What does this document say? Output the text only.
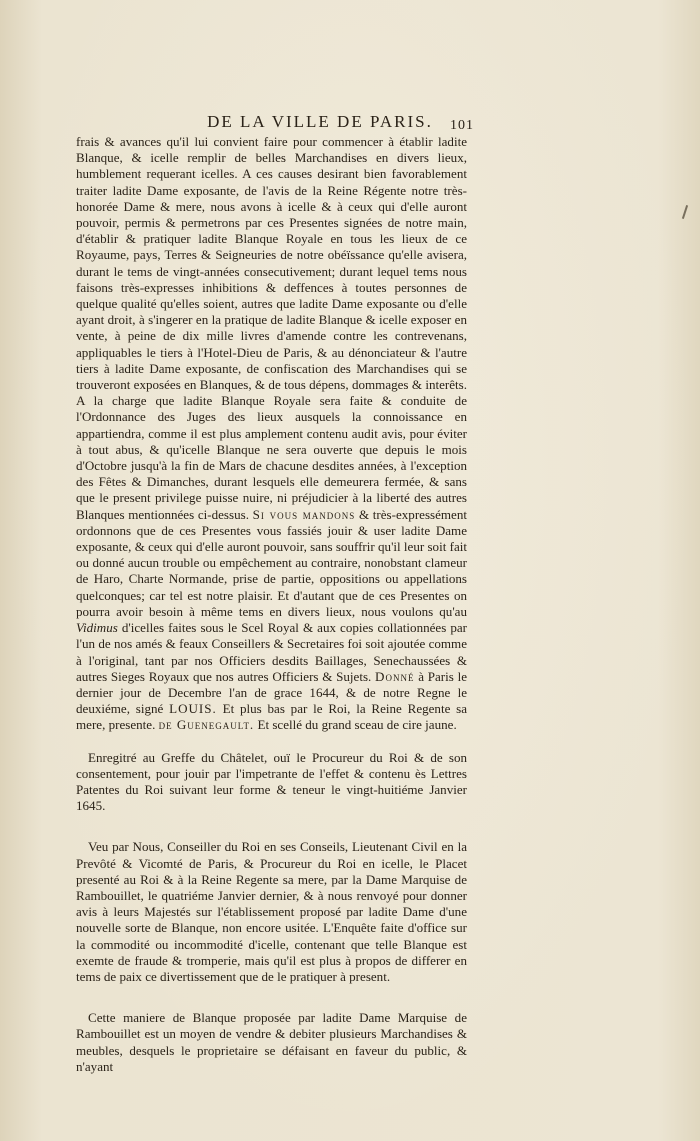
DE LA VILLE DE PARIS.	101

frais & avances qu'il lui convient faire pour commencer à établir ladite Blanque, & icelle remplir de belles Marchandises en divers lieux, humblement requerant icelles. A ces causes desirant bien favorablement traiter ladite Dame exposante, de l'avis de la Reine Régente notre très-honorée Dame & mere, nous avons à icelle & à ceux qui d'elle auront pouvoir, permis & permetrons par ces Presentes signées de notre main, d'établir & pratiquer ladite Blanque Royale en tous les lieux de ce Royaume, pays, Terres & Seigneuries de notre obéïssance qu'elle avisera, durant le tems de vingt-années consecutivement; durant lequel tems nous faisons très-expresses inhibitions & deffences à toutes personnes de quelque qualité qu'elles soient, autres que ladite Dame exposante ou d'elle ayant droit, à s'ingerer en la pratique de ladite Blanque & icelle exposer en vente, à peine de dix mille livres d'amende contre les contrevenans, appliquables le tiers à l'Hotel-Dieu de Paris, & au dénonciateur & l'autre tiers à ladite Dame exposante, de confiscation des Marchandises qui se trouveront exposées en Blanques, & de tous dépens, dommages & interêts. A la charge que ladite Blanque Royale sera faite & conduite de l'Ordonnance des Juges des lieux ausquels la connoissance en appartiendra, comme il est plus amplement contenu audit avis, pour éviter à tout abus, & qu'icelle Blanque ne sera ouverte que depuis le mois d'Octobre jusqu'à la fin de Mars de chacune desdites années, à l'exception des Fêtes & Dimanches, durant lesquels elle demeurera fermée, & sans que le present privilege puisse nuire, ni préjudicier à la liberté des autres Blanques mentionnées ci-dessus. Si vous mandons & très-expressément ordonnons que de ces Presentes vous fassiés jouir & user ladite Dame exposante, & ceux qui d'elle auront pouvoir, sans souffrir qu'il leur soit fait ou donné aucun trouble ou empêchement au contraire, nonobstant clameur de Haro, Charte Normande, prise de partie, oppositions ou appellations quelconques; car tel est notre plaisir. Et d'autant que de ces Presentes on pourra avoir besoin à même tems en divers lieux, nous voulons qu'au Vidimus d'icelles faites sous le Scel Royal & aux copies collationnées par l'un de nos amés & feaux Conseillers & Secretaires foi soit ajoutée comme à l'original, tant par nos Officiers desdits Baillages, Senechaussées & autres Sieges Royaux que nos autres Officiers & Sujets. Donné à Paris le dernier jour de Decembre l'an de grace 1644, & de notre Regne le deuxiéme, signé LOUIS. Et plus bas par le Roi, la Reine Regente sa mere, presente. de Guenegault. Et scellé du grand sceau de cire jaune.

Enregitré au Greffe du Châtelet, ouï le Procureur du Roi & de son consentement, pour jouir par l'impetrante de l'effet & contenu ès Lettres Patentes du Roi suivant leur forme & teneur le vingt-huitiéme Janvier 1645.

Veu par Nous, Conseiller du Roi en ses Conseils, Lieutenant Civil en la Prevôté & Vicomté de Paris, & Procureur du Roi en icelle, le Placet presenté au Roi & à la Reine Regente sa mere, par la Dame Marquise de Rambouillet, le quatriéme Janvier dernier, & à nous renvoyé pour donner avis à leurs Majestés sur l'établissement proposé par ladite Dame d'une nouvelle sorte de Blanque, non encore usitée. L'Enquête faite d'office sur la commodité ou incommodité d'icelle, contenant que telle Blanque est exemte de fraude & tromperie, mais qu'il est plus à propos de differer en tems de paix ce divertissement que de le pratiquer à present.

Cette maniere de Blanque proposée par ladite Dame Marquise de Rambouillet est un moyen de vendre & debiter plusieurs Marchandises & meubles, desquels le proprietaire se défaisant en faveur du public, & n'ayant
